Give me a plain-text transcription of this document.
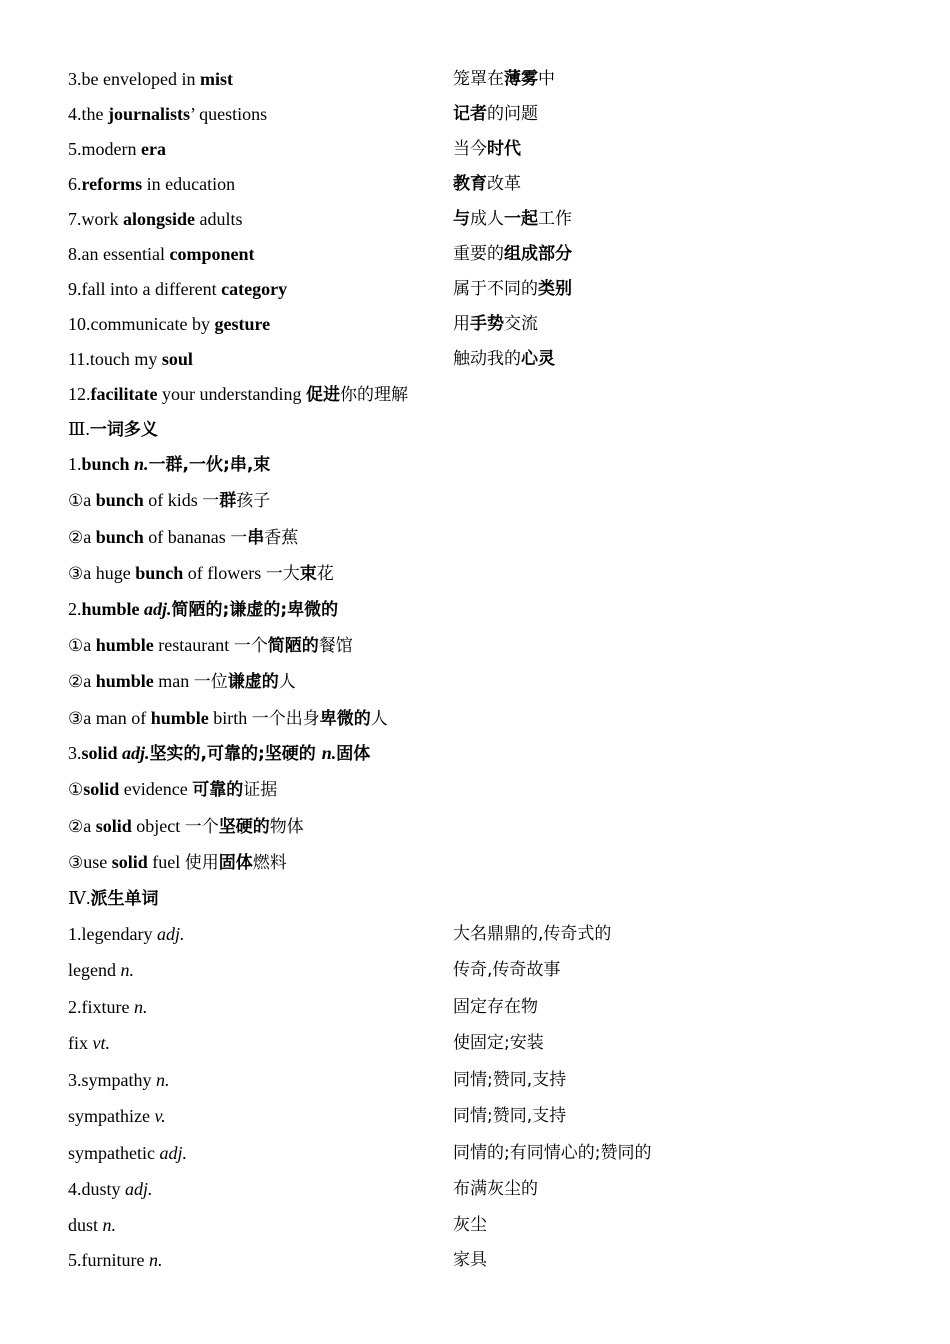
3.be enveloped in mist	笼罩在薄雾中
4.the journalists’ questions	记者的问题
5.modern era	当今时代
6.reforms in education	教育改革
7.work alongside adults	与成人一起工作
8.an essential component	重要的组成部分
9.fall into a different category	属于不同的类别
10.communicate by gesture	用手势交流
11.touch my soul	触动我的心灵
12.facilitate your understanding 促进你的理解
Ⅲ.一词多义
1.bunch n.一群,一伙;串,束
①a bunch of kids 一群孩子
②a bunch of bananas 一串香蕉
③a huge bunch of flowers 一大束花
2.humble adj.简陋的;谦虚的;卑微的
①a humble restaurant 一个简陋的餐馆
②a humble man 一位谦虚的人
③a man of humble birth 一个出身卑微的人
3.solid adj.坚实的,可靠的;坚硬的 n.固体
①solid evidence 可靠的证据
②a solid object 一个坚硬的物体
③use solid fuel 使用固体燃料
Ⅳ.派生单词
1.legendary adj.	大名鼎鼎的,传奇式的
legend n.	传奇,传奇故事
2.fixture n.	固定存在物
fix vt.	使固定;安装
3.sympathy n.	同情;赞同,支持
sympathize v.	同情;赞同,支持
sympathetic adj.	同情的;有同情心的;赞同的
4.dusty adj.	布满灰尘的
dust n.	灰尘
5.furniture n.	家具
